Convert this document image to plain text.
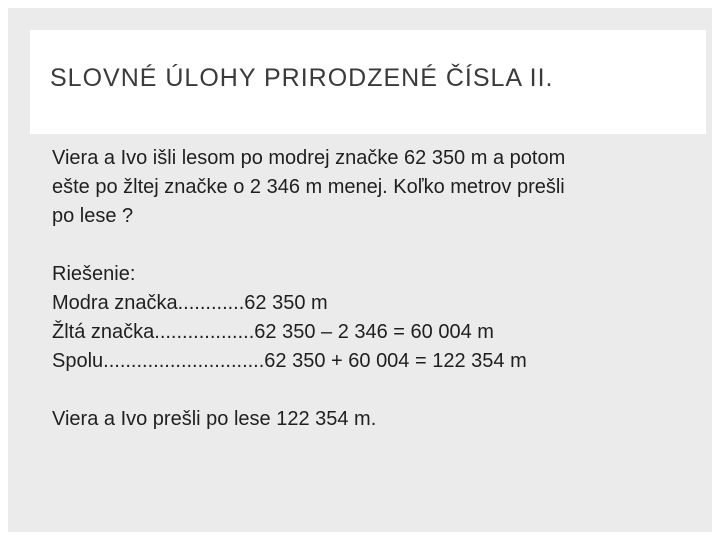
SLOVNÉ ÚLOHY PRIRODZENÉ ČÍSLA II.

Viera a Ivo išli lesom po modrej značke 62 350 m a potom
ešte po žltej značke o 2 346 m menej. Koľko metrov prešli
po lese ?

Riešenie:
Modra značka............62 350 m
Žltá značka..................62 350 – 2 346 = 60 004 m
Spolu.............................62 350 + 60 004 = 122 354 m

Viera a Ivo prešli po lese 122 354 m.
